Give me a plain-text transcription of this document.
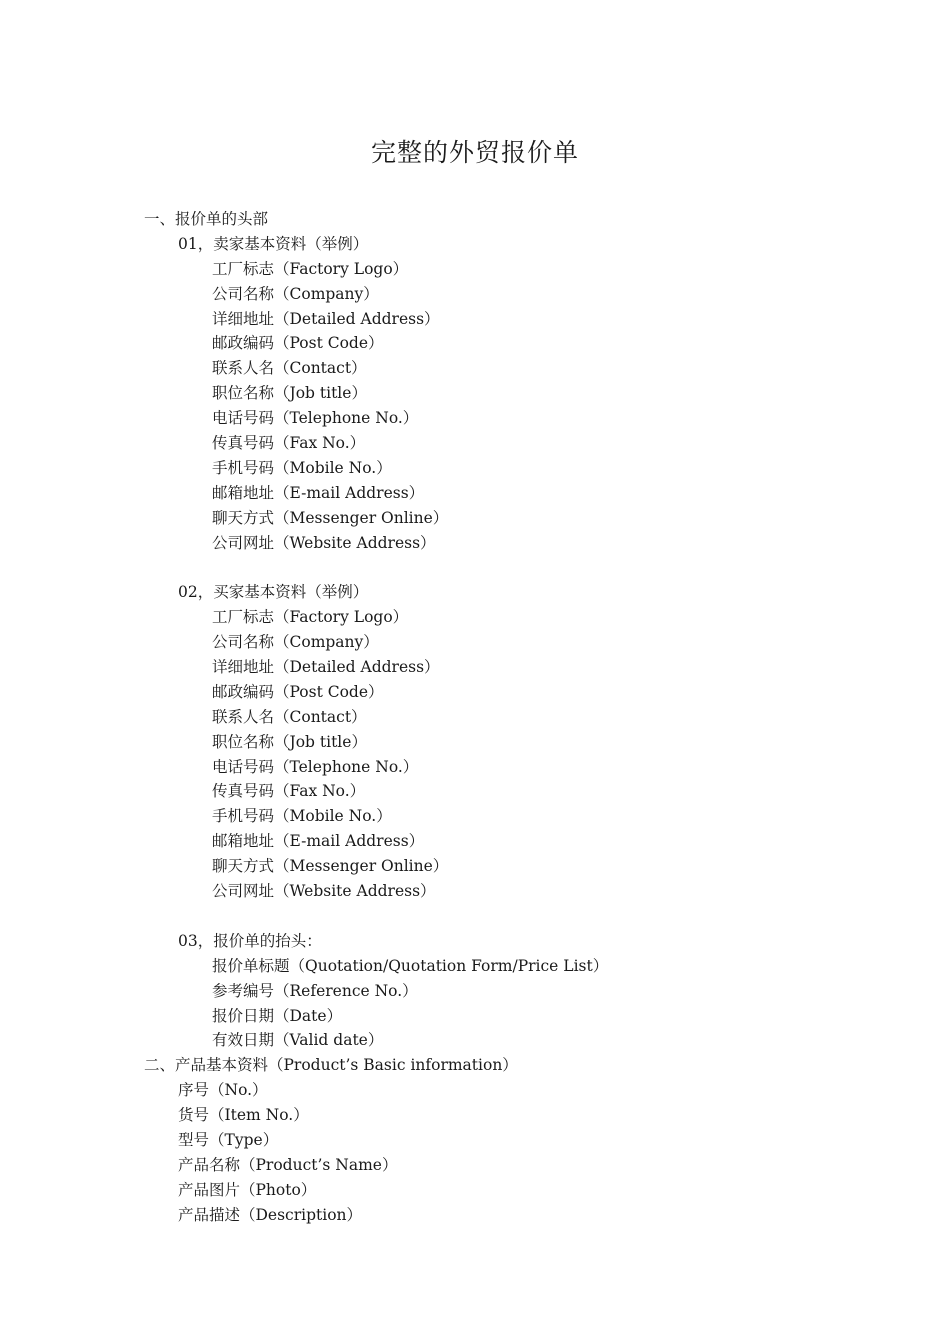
完整的外贸报价单
一、报价单的头部
01，卖家基本资料（举例）
工厂标志（Factory Logo）
公司名称（Company）
详细地址（Detailed Address）
邮政编码（Post Code）
联系人名（Contact）
职位名称（Job title）
电话号码（Telephone No.）
传真号码（Fax No.）
手机号码（Mobile No.）
邮箱地址（E-mail Address）
聊天方式（Messenger Online）
公司网址（Website Address）
02，买家基本资料（举例）
工厂标志（Factory Logo）
公司名称（Company）
详细地址（Detailed Address）
邮政编码（Post Code）
联系人名（Contact）
职位名称（Job title）
电话号码（Telephone No.）
传真号码（Fax No.）
手机号码（Mobile No.）
邮箱地址（E-mail Address）
聊天方式（Messenger Online）
公司网址（Website Address）
03，报价单的抬头：
报价单标题（Quotation/Quotation Form/Price List）
参考编号（Reference No.）
报价日期（Date）
有效日期（Valid date）
二、产品基本资料（Product’s Basic information）
序号（No.）
货号（Item No.）
型号（Type）
产品名称（Product’s Name）
产品图片（Photo）
产品描述（Description）
